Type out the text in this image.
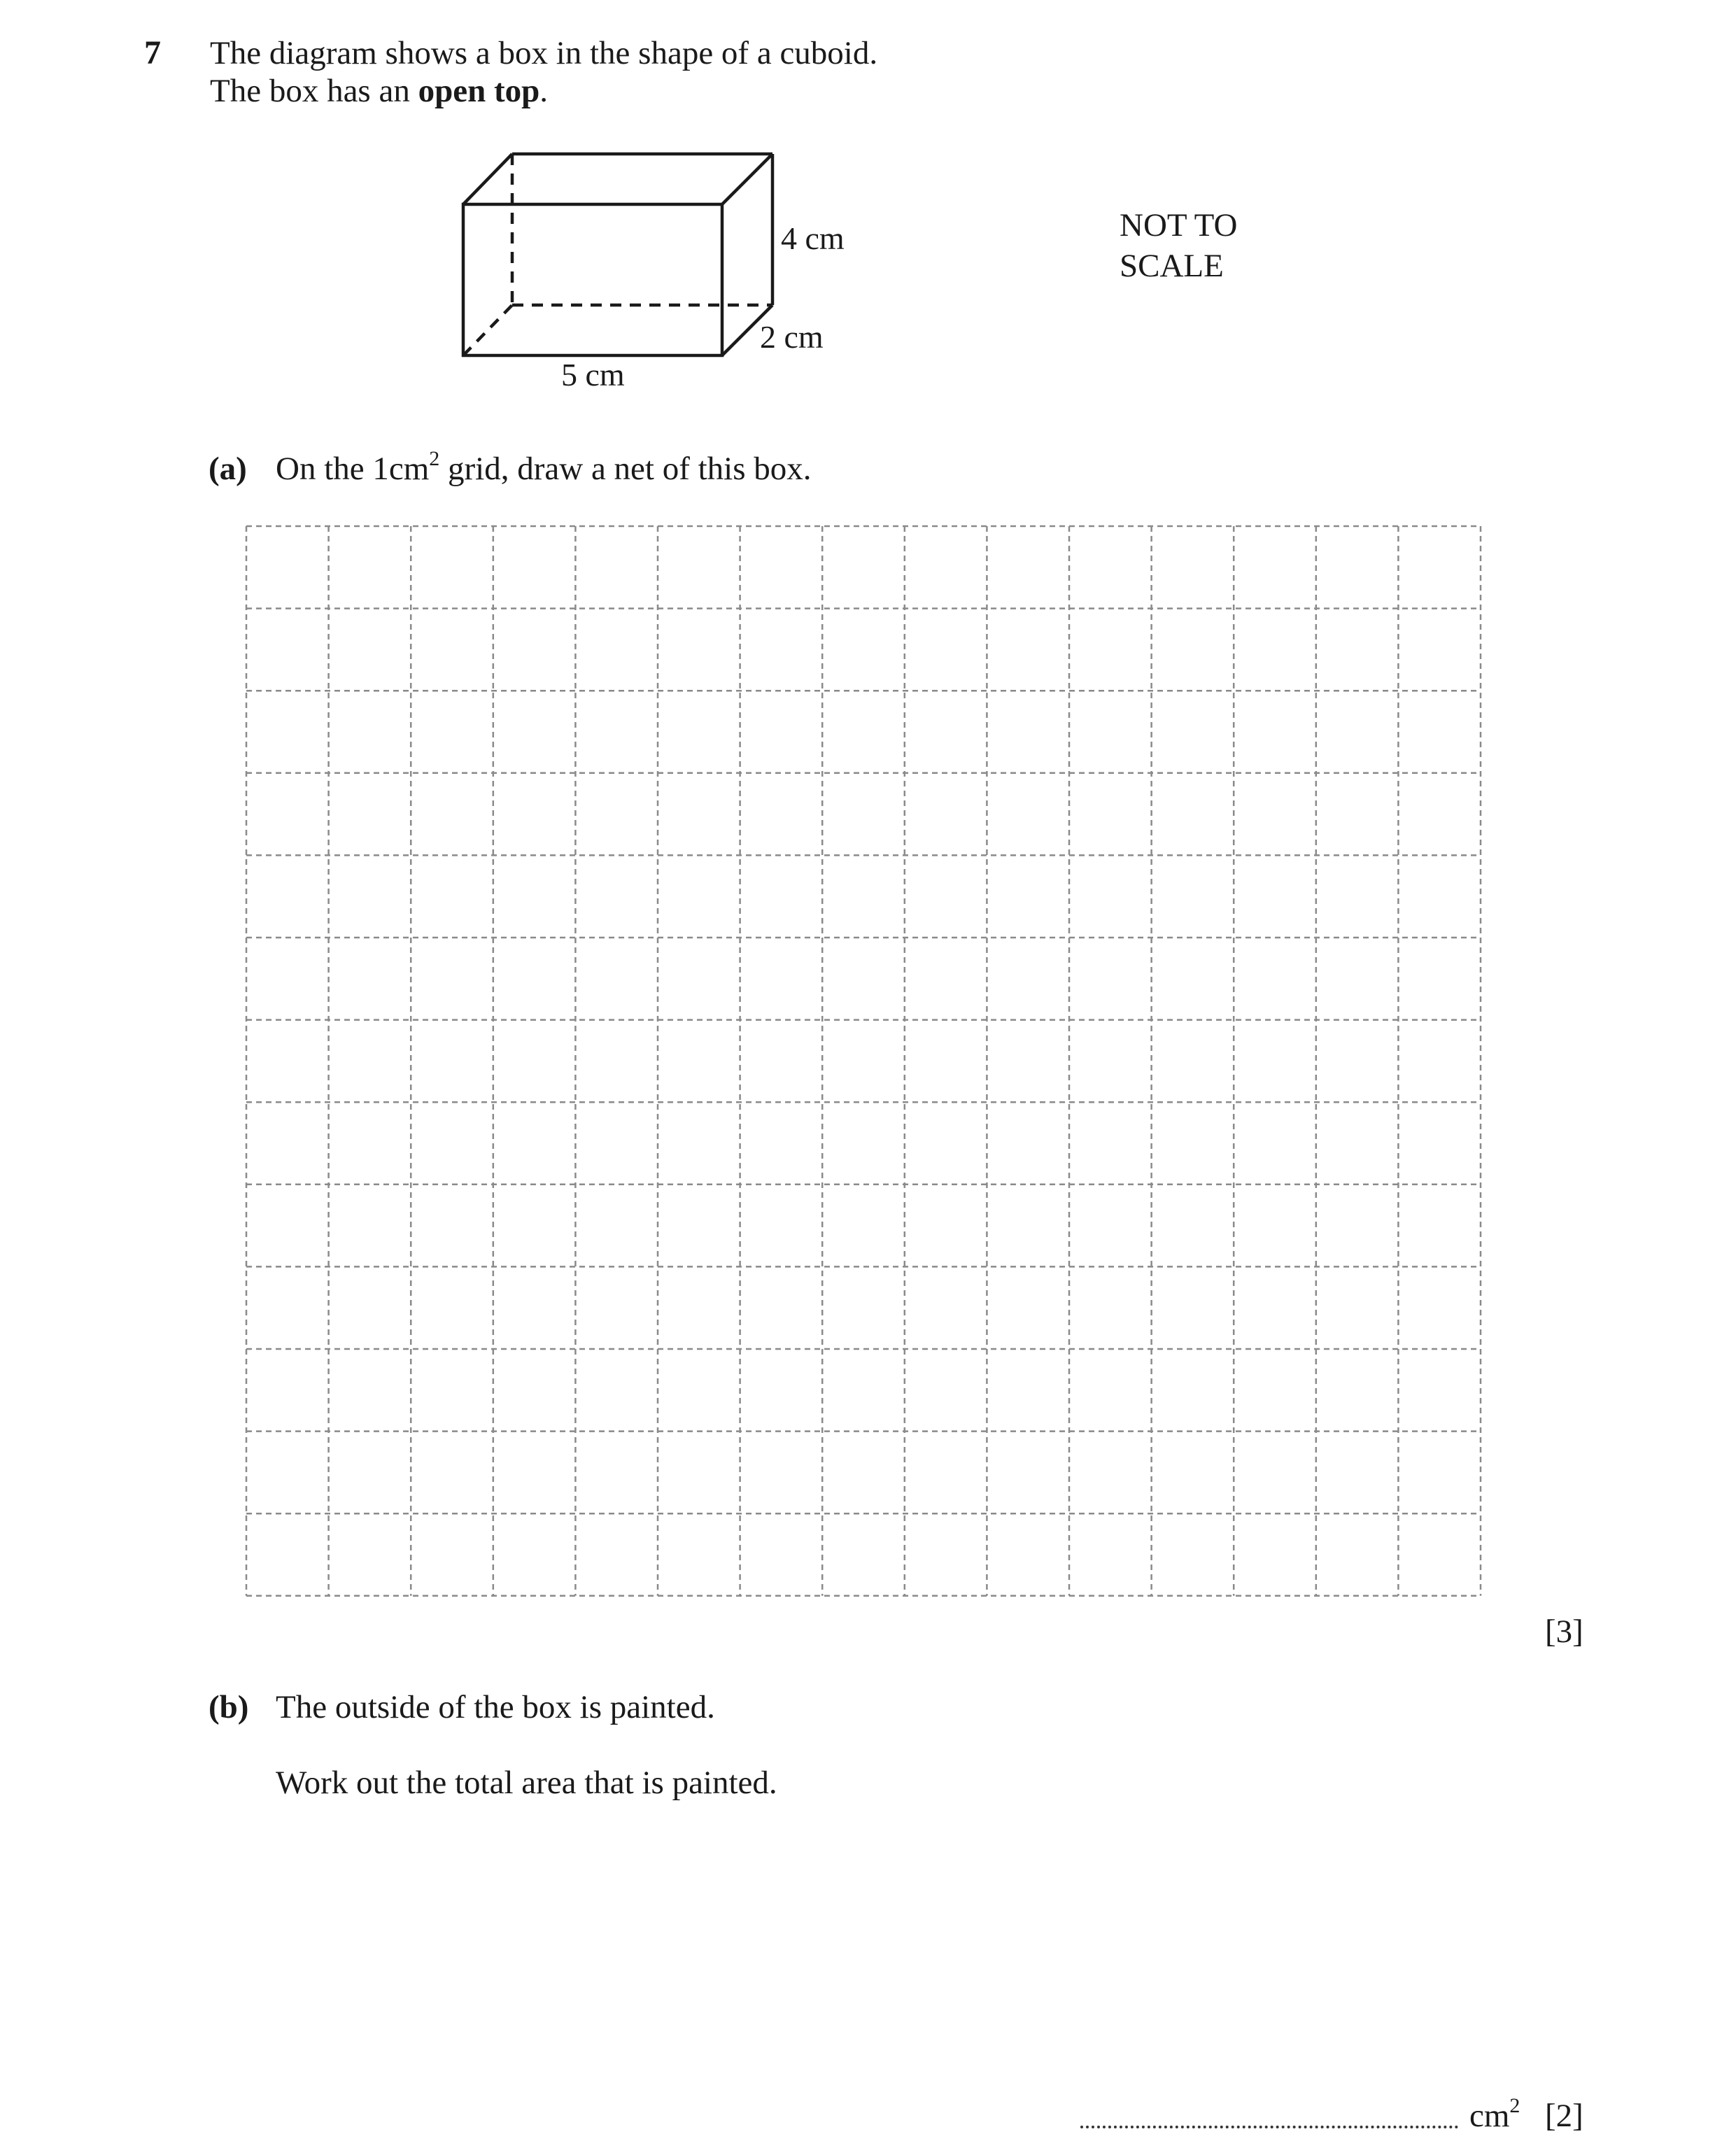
7 The diagram shows a box in the shape of a cuboid.
The box has an open top.
4 cm
2 cm
5 cm
NOT TO
SCALE
(a) On the $1cm^2$ grid, draw a net of this box.
[3]
(b) The outside of the box is painted.
Work out the total area that is painted.
$cm^2$ [2]
